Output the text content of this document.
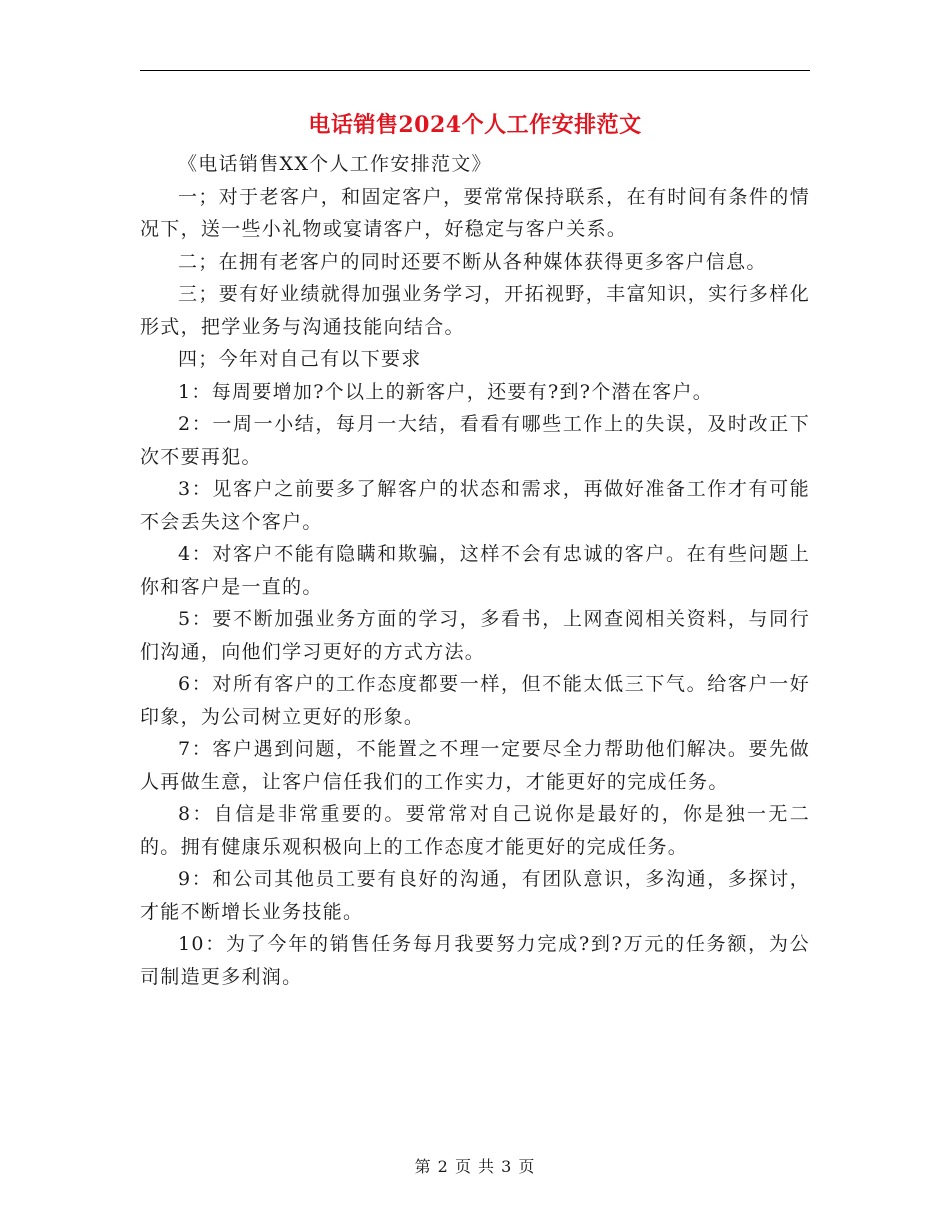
电话销售2024个人工作安排范文

《电话销售XX个人工作安排范文》

一；对于老客户，和固定客户，要常常保持联系，在有时间有条件的情况下，送一些小礼物或宴请客户，好稳定与客户关系。

二；在拥有老客户的同时还要不断从各种媒体获得更多客户信息。

三；要有好业绩就得加强业务学习，开拓视野，丰富知识，实行多样化形式，把学业务与沟通技能向结合。

四；今年对自己有以下要求

1：每周要增加?个以上的新客户，还要有?到?个潜在客户。

2：一周一小结，每月一大结，看看有哪些工作上的失误，及时改正下次不要再犯。

3：见客户之前要多了解客户的状态和需求，再做好准备工作才有可能不会丢失这个客户。

4：对客户不能有隐瞒和欺骗，这样不会有忠诚的客户。在有些问题上你和客户是一直的。

5：要不断加强业务方面的学习，多看书，上网查阅相关资料，与同行们沟通，向他们学习更好的方式方法。

6：对所有客户的工作态度都要一样，但不能太低三下气。给客户一好印象，为公司树立更好的形象。

7：客户遇到问题，不能置之不理一定要尽全力帮助他们解决。要先做人再做生意，让客户信任我们的工作实力，才能更好的完成任务。

8：自信是非常重要的。要常常对自己说你是最好的，你是独一无二的。拥有健康乐观积极向上的工作态度才能更好的完成任务。

9：和公司其他员工要有良好的沟通，有团队意识，多沟通，多探讨，才能不断增长业务技能。

10：为了今年的销售任务每月我要努力完成?到?万元的任务额，为公司制造更多利润。

第 2 页 共 3 页
